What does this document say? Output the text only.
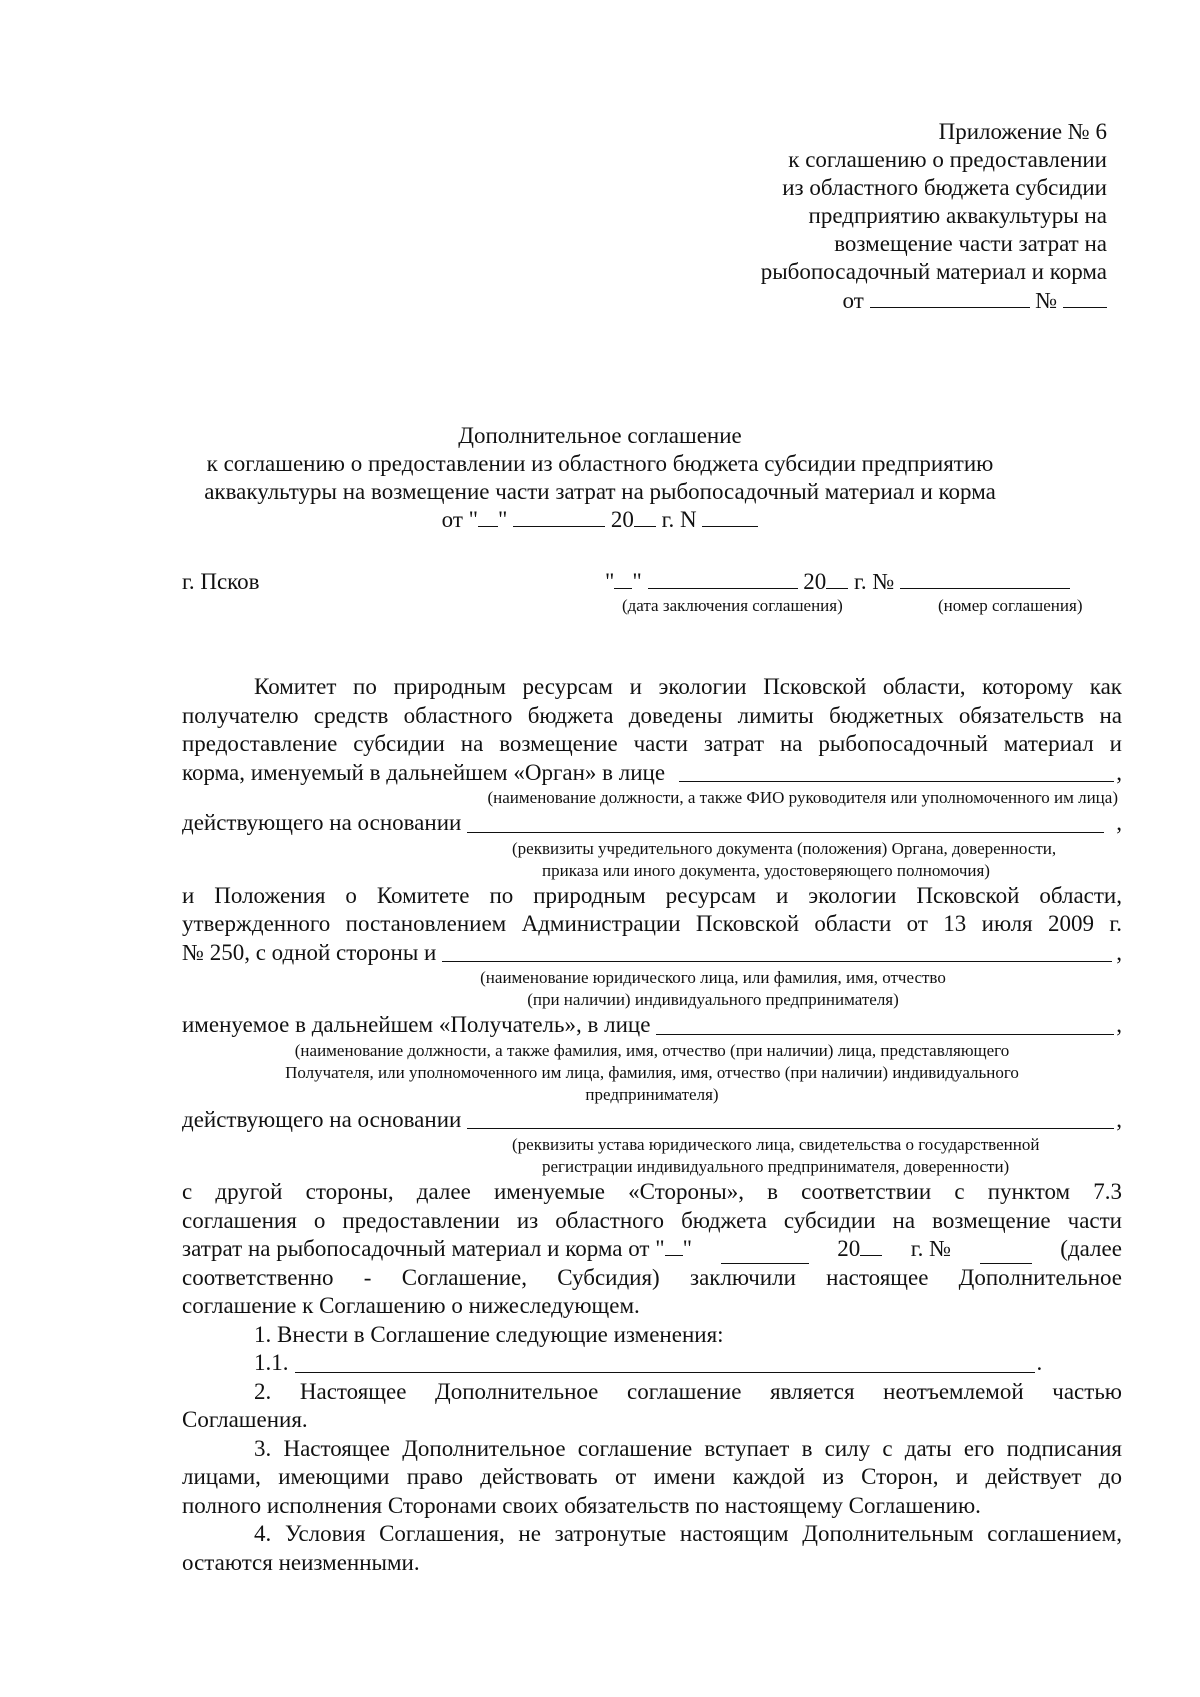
Приложение № 6
к соглашению о предоставлении
из областного бюджета субсидии
предприятию аквакультуры на
возмещение части затрат на
рыбопосадочный материал и корма
от	№
Дополнительное соглашение
к соглашению о предоставлении из областного бюджета субсидии предприятию
аквакультуры на возмещение части затрат на рыбопосадочный материал и корма
от " "	20 г. N
г. Псков	" "	20 г. №
(дата заключения соглашения)	(номер соглашения)
Комитет по природным ресурсам и экологии Псковской области, которому как
получателю средств областного бюджета доведены лимиты бюджетных обязательств на
предоставление субсидии на возмещение части затрат на рыбопосадочный материал и
корма, именуемый в дальнейшем «Орган» в лице	,
(наименование должности, а также ФИО руководителя или уполномоченного им лица)
действующего на основании	,
(реквизиты учредительного документа (положения) Органа, доверенности,
приказа или иного документа, удостоверяющего полномочия)
и Положения о Комитете по природным ресурсам и экологии Псковской области,
утвержденного постановлением Администрации Псковской области от 13 июля 2009 г.
№ 250, с одной стороны и	,
(наименование юридического лица, или фамилия, имя, отчество
(при наличии) индивидуального предпринимателя)
именуемое в дальнейшем «Получатель», в лице	,
(наименование должности, а также фамилия, имя, отчество (при наличии) лица, представляющего
Получателя, или уполномоченного им лица, фамилия, имя, отчество (при наличии) индивидуального
предпринимателя)
действующего на основании	,
(реквизиты устава юридического лица, свидетельства о государственной
регистрации индивидуального предпринимателя, доверенности)
с другой стороны, далее именуемые «Стороны», в соответствии с пунктом 7.3
соглашения о предоставлении из областного бюджета субсидии на возмещение части
затрат на рыбопосадочный материал и корма от " "	20	г. №	(далее
соответственно - Соглашение, Субсидия) заключили настоящее Дополнительное
соглашение к Соглашению о нижеследующем.
1. Внести в Соглашение следующие изменения:
1.1.	.
2. Настоящее Дополнительное соглашение является неотъемлемой частью
Соглашения.
3. Настоящее Дополнительное соглашение вступает в силу с даты его подписания
лицами, имеющими право действовать от имени каждой из Сторон, и действует до
полного исполнения Сторонами своих обязательств по настоящему Соглашению.
4. Условия Соглашения, не затронутые настоящим Дополнительным соглашением,
остаются неизменными.
